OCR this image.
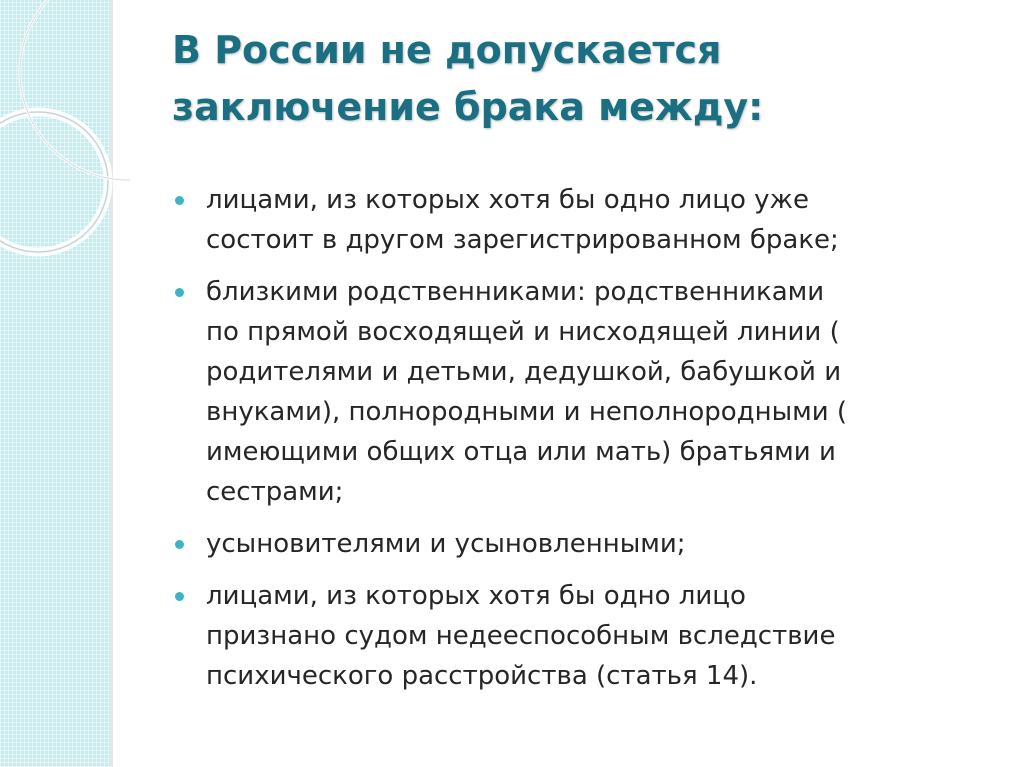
В России не допускается
заключение брака между:
лицами, из которых хотя бы одно лицо уже
состоит в другом зарегистрированном браке;
близкими родственниками: родственниками
по прямой восходящей и нисходящей линии (
родителями и детьми, дедушкой, бабушкой и
внуками), полнородными и неполнородными (
имеющими общих отца или мать) братьями и
сестрами;
усыновителями и усыновленными;
лицами, из которых хотя бы одно лицо
признано судом недееспособным вследствие
психического расстройства (статья 14).
